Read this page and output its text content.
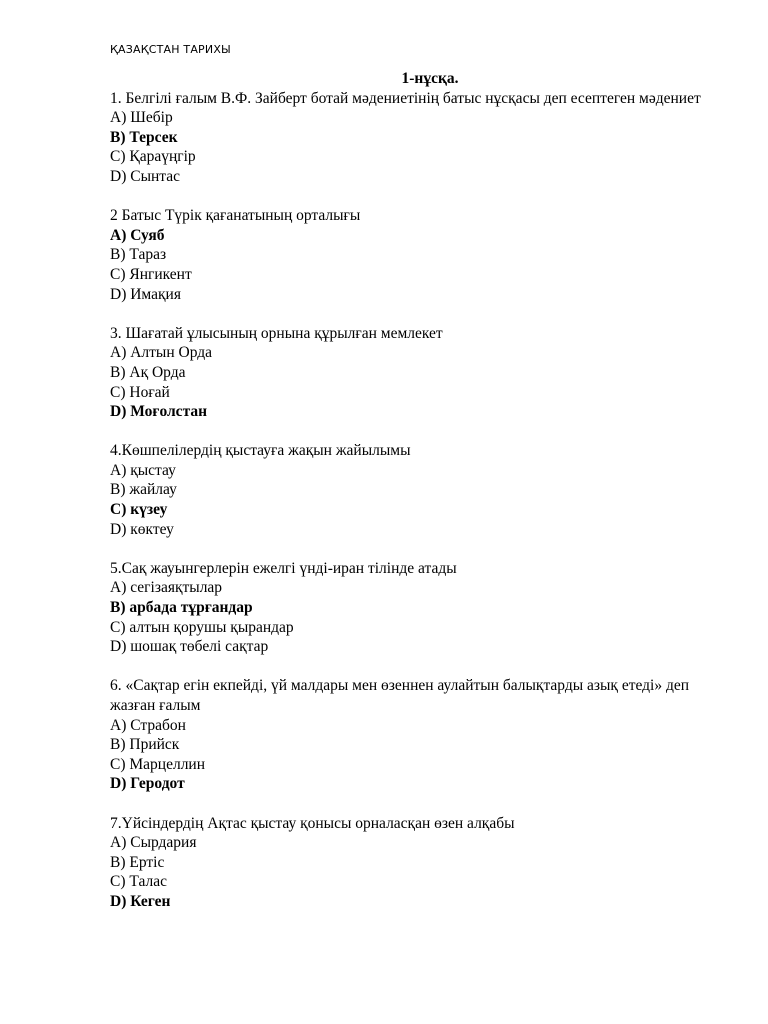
ҚАЗАҚСТАН ТАРИХЫ
1-нұсқа.

1. Белгілі ғалым В.Ф. Зайберт ботай мәдениетінің батыс нұсқасы деп есептеген мәдениет

A) Шебір

B) Терсек

C) Қараүңгір

D) Сынтас

2 Батыс Түрік қағанатының орталығы

A) Суяб

B) Тараз

C) Янгикент

D) Имақия

3. Шағатай ұлысының орнына құрылған мемлекет

A) Алтын Орда

B) Ақ Орда

C) Ноғай

D) Моғолстан

4.Көшпелілердің қыстауға жақын жайылымы

A) қыстау

B) жайлау

C) күзеу

D) көктеу

5.Сақ жауынгерлерін ежелгі үнді-иран тілінде атады

A) сегізаяқтылар

B) арбада тұрғандар

C) алтын қорушы қырандар

D) шошақ төбелі сақтар

6. «Сақтар егін екпейді, үй малдары мен өзеннен аулайтын балықтарды азық етеді» деп жазған ғалым

A) Страбон

B) Прийск

C) Марцеллин

D) Геродот

7.Үйсіндердің Ақтас қыстау қонысы орналасқан өзен алқабы

A) Сырдария

B) Ертіс

C) Талас

D) Кеген
